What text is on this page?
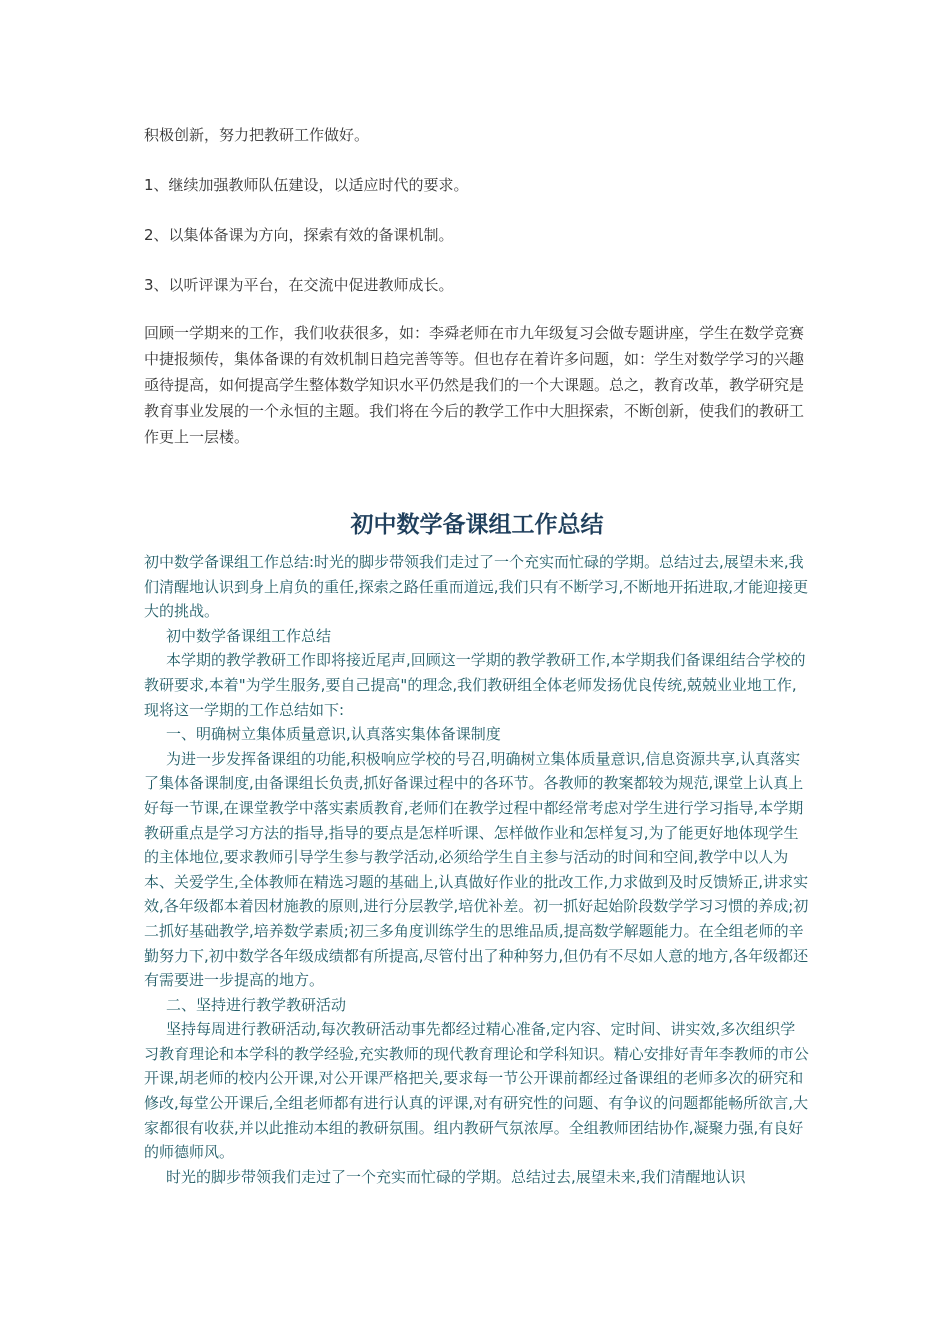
积极创新，努力把教研工作做好。

1、继续加强教师队伍建设，以适应时代的要求。

2、以集体备课为方向，探索有效的备课机制。

3、以听评课为平台，在交流中促进教师成长。

回顾一学期来的工作，我们收获很多，如：李舜老师在市九年级复习会做专题讲座，学生在数学竞赛中捷报频传，集体备课的有效机制日趋完善等等。但也存在着许多问题，如：学生对数学学习的兴趣亟待提高，如何提高学生整体数学知识水平仍然是我们的一个大课题。总之，教育改革，教学研究是教育事业发展的一个永恒的主题。我们将在今后的教学工作中大胆探索，不断创新，使我们的教研工作更上一层楼。

初中数学备课组工作总结

初中数学备课组工作总结:时光的脚步带领我们走过了一个充实而忙碌的学期。总结过去,展望未来,我们清醒地认识到身上肩负的重任,探索之路任重而道远,我们只有不断学习,不断地开拓进取,才能迎接更大的挑战。

初中数学备课组工作总结

本学期的教学教研工作即将接近尾声,回顾这一学期的教学教研工作,本学期我们备课组结合学校的教研要求,本着"为学生服务,要自己提高"的理念,我们教研组全体老师发扬优良传统,兢兢业业地工作,现将这一学期的工作总结如下:

一、明确树立集体质量意识,认真落实集体备课制度

为进一步发挥备课组的功能,积极响应学校的号召,明确树立集体质量意识,信息资源共享,认真落实了集体备课制度,由备课组长负责,抓好备课过程中的各环节。各教师的教案都较为规范,课堂上认真上好每一节课,在课堂教学中落实素质教育,老师们在教学过程中都经常考虑对学生进行学习指导,本学期教研重点是学习方法的指导,指导的要点是怎样听课、怎样做作业和怎样复习,为了能更好地体现学生的主体地位,要求教师引导学生参与教学活动,必须给学生自主参与活动的时间和空间,教学中以人为本、关爱学生,全体教师在精选习题的基础上,认真做好作业的批改工作,力求做到及时反馈矫正,讲求实效,各年级都本着因材施教的原则,进行分层教学,培优补差。初一抓好起始阶段数学学习习惯的养成;初二抓好基础教学,培养数学素质;初三多角度训练学生的思维品质,提高数学解题能力。在全组老师的辛勤努力下,初中数学各年级成绩都有所提高,尽管付出了种种努力,但仍有不尽如人意的地方,各年级都还有需要进一步提高的地方。

二、坚持进行教学教研活动

坚持每周进行教研活动,每次教研活动事先都经过精心准备,定内容、定时间、讲实效,多次组织学习教育理论和本学科的教学经验,充实教师的现代教育理论和学科知识。精心安排好青年李教师的市公开课,胡老师的校内公开课,对公开课严格把关,要求每一节公开课前都经过备课组的老师多次的研究和修改,每堂公开课后,全组老师都有进行认真的评课,对有研究性的问题、有争议的问题都能畅所欲言,大家都很有收获,并以此推动本组的教研氛围。组内教研气氛浓厚。全组教师团结协作,凝聚力强,有良好的师德师风。

时光的脚步带领我们走过了一个充实而忙碌的学期。总结过去,展望未来,我们清醒地认识
